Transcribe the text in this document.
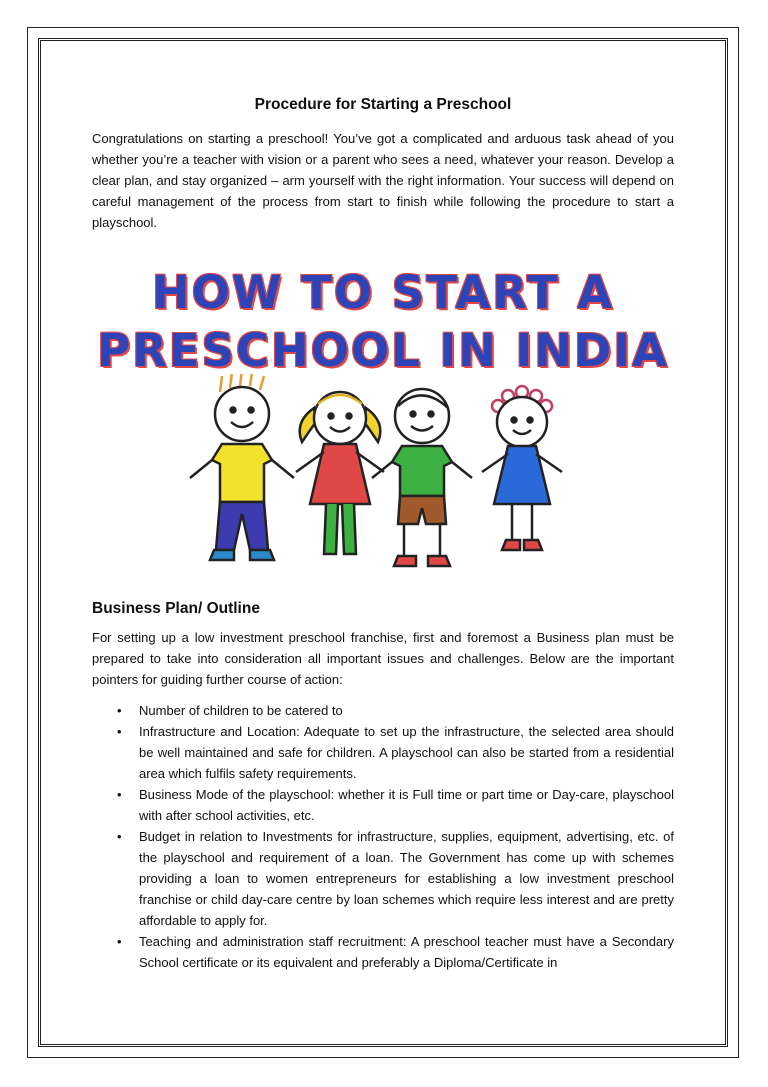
Procedure for Starting a Preschool

Congratulations on starting a preschool! You’ve got a complicated and arduous task ahead of you whether you’re a teacher with vision or a parent who sees a need, whatever your reason. Develop a clear plan, and stay organized – arm yourself with the right information. Your success will depend on careful management of the process from start to finish while following the procedure to start a playschool.

HOW TO START A
PRESCHOOL IN INDIA
Business Plan/ Outline

For setting up a low investment preschool franchise, first and foremost a Business plan must be prepared to take into consideration all important issues and challenges. Below are the important pointers for guiding further course of action:

• Number of children to be catered to
• Infrastructure and Location: Adequate to set up the infrastructure, the selected area should be well maintained and safe for children. A playschool can also be started from a residential area which fulfils safety requirements.
• Business Mode of the playschool: whether it is Full time or part time or Day-care, playschool with after school activities, etc.
• Budget in relation to Investments for infrastructure, supplies, equipment, advertising, etc. of the playschool and requirement of a loan. The Government has come up with schemes providing a loan to women entrepreneurs for establishing a low investment preschool franchise or child day-care centre by loan schemes which require less interest and are pretty affordable to apply for.
• Teaching and administration staff recruitment: A preschool teacher must have a Secondary School certificate or its equivalent and preferably a Diploma/Certificate in
